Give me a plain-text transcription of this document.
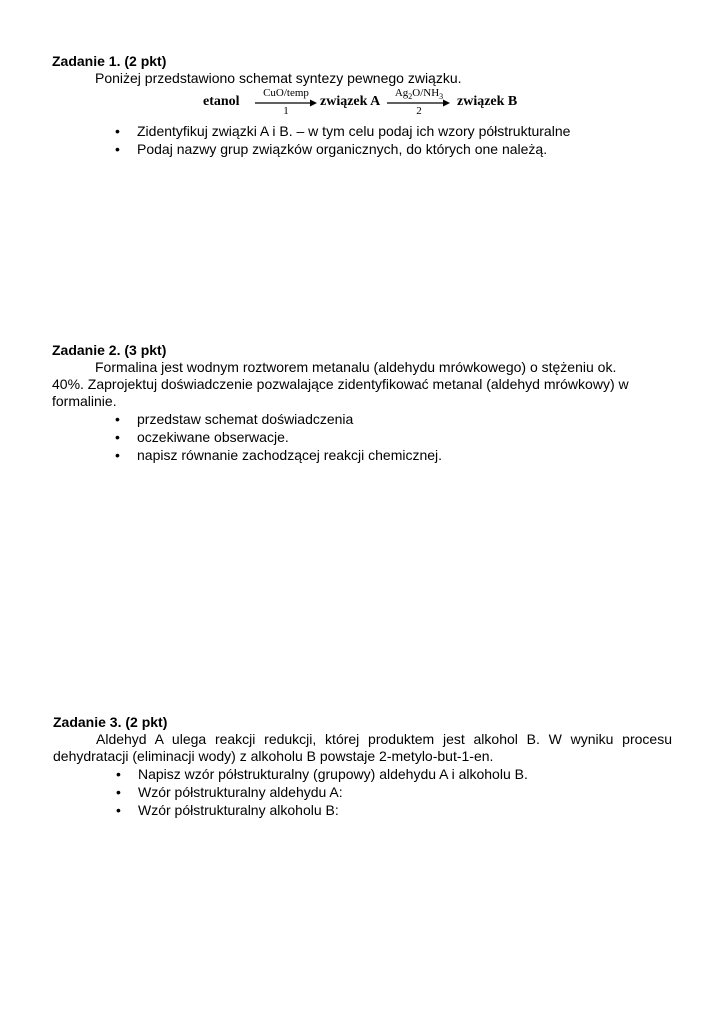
Zadanie 1. (2 pkt)

Poniżej przedstawiono schemat syntezy pewnego związku.

etanol
CuO/temp
1
związek A
$Ag_2O/NH_3$
2
związek B
• Zidentyfikuj związki A i B. – w tym celu podaj ich wzory półstrukturalne
• Podaj nazwy grup związków organicznych, do których one należą.
Zadanie 2. (3 pkt)

Formalina jest wodnym roztworem metanalu (aldehydu mrówkowego) o stężeniu ok. 40%. Zaprojektuj doświadczenie pozwalające zidentyfikować metanal (aldehyd mrówkowy) w formalinie.

• przedstaw schemat doświadczenia
• oczekiwane obserwacje.
• napisz równanie zachodzącej reakcji chemicznej.
Zadanie 3. (2 pkt)

Aldehyd A ulega reakcji redukcji, której produktem jest alkohol B. W wyniku procesu dehydratacji (eliminacji wody) z alkoholu B powstaje 2-metylo-but-1-en.

• Napisz wzór półstrukturalny (grupowy) aldehydu A i alkoholu B.
• Wzór półstrukturalny aldehydu A:
• Wzór półstrukturalny alkoholu B:
